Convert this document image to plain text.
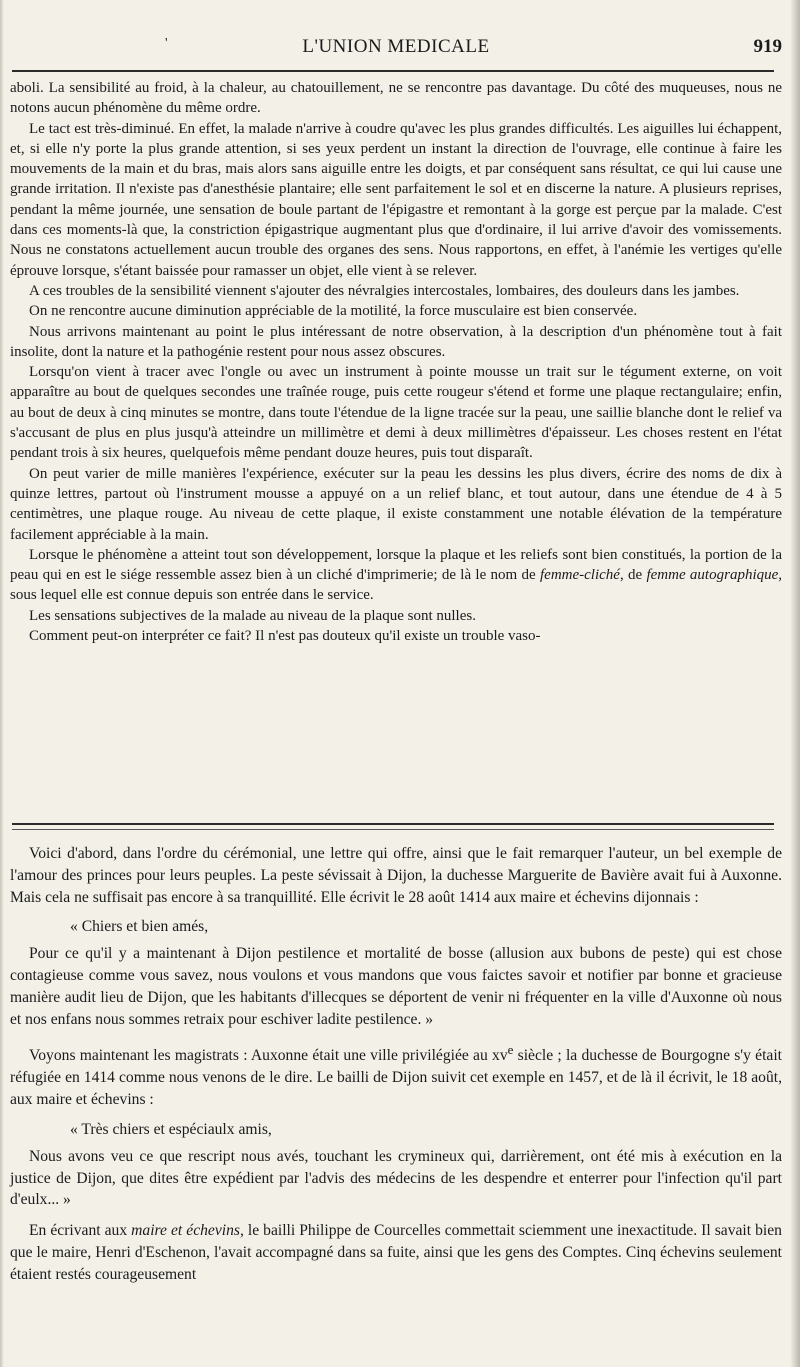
'	L'UNION MEDICALE	919

aboli. La sensibilité au froid, à la chaleur, au chatouillement, ne se rencontre pas davantage. Du côté des muqueuses, nous ne notons aucun phénomène du même ordre.

Le tact est très-diminué. En effet, la malade n'arrive à coudre qu'avec les plus grandes difficultés. Les aiguilles lui échappent, et, si elle n'y porte la plus grande attention, si ses yeux perdent un instant la direction de l'ouvrage, elle continue à faire les mouvements de la main et du bras, mais alors sans aiguille entre les doigts, et par conséquent sans résultat, ce qui lui cause une grande irritation. Il n'existe pas d'anesthésie plantaire; elle sent parfaitement le sol et en discerne la nature. A plusieurs reprises, pendant la même journée, une sensation de boule partant de l'épigastre et remontant à la gorge est perçue par la malade. C'est dans ces moments-là que, la constriction épigastrique augmentant plus que d'ordinaire, il lui arrive d'avoir des vomissements. Nous ne constatons actuellement aucun trouble des organes des sens. Nous rapportons, en effet, à l'anémie les vertiges qu'elle éprouve lorsque, s'étant baissée pour ramasser un objet, elle vient à se relever.

A ces troubles de la sensibilité viennent s'ajouter des névralgies intercostales, lombaires, des douleurs dans les jambes.

On ne rencontre aucune diminution appréciable de la motilité, la force musculaire est bien conservée.

Nous arrivons maintenant au point le plus intéressant de notre observation, à la description d'un phénomène tout à fait insolite, dont la nature et la pathogénie restent pour nous assez obscures.

Lorsqu'on vient à tracer avec l'ongle ou avec un instrument à pointe mousse un trait sur le tégument externe, on voit apparaître au bout de quelques secondes une traînée rouge, puis cette rougeur s'étend et forme une plaque rectangulaire; enfin, au bout de deux à cinq minutes se montre, dans toute l'étendue de la ligne tracée sur la peau, une saillie blanche dont le relief va s'accusant de plus en plus jusqu'à atteindre un millimètre et demi à deux millimètres d'épaisseur. Les choses restent en l'état pendant trois à six heures, quelquefois même pendant douze heures, puis tout disparaît.

On peut varier de mille manières l'expérience, exécuter sur la peau les dessins les plus divers, écrire des noms de dix à quinze lettres, partout où l'instrument mousse a appuyé on a un relief blanc, et tout autour, dans une étendue de 4 à 5 centimètres, une plaque rouge. Au niveau de cette plaque, il existe constamment une notable élévation de la température facilement appréciable à la main.

Lorsque le phénomène a atteint tout son développement, lorsque la plaque et les reliefs sont bien constitués, la portion de la peau qui en est le siége ressemble assez bien à un cliché d'imprimerie; de là le nom de femme-cliché, de femme autographique, sous lequel elle est connue depuis son entrée dans le service.

Les sensations subjectives de la malade au niveau de la plaque sont nulles.

Comment peut-on interpréter ce fait? Il n'est pas douteux qu'il existe un trouble vaso-

Voici d'abord, dans l'ordre du cérémonial, une lettre qui offre, ainsi que le fait remarquer l'auteur, un bel exemple de l'amour des princes pour leurs peuples. La peste sévissait à Dijon, la duchesse Marguerite de Bavière avait fui à Auxonne. Mais cela ne suffisait pas encore à sa tranquillité. Elle écrivit le 28 août 1414 aux maire et échevins dijonnais :

« Chiers et bien amés,

Pour ce qu'il y a maintenant à Dijon pestilence et mortalité de bosse (allusion aux bubons de peste) qui est chose contagieuse comme vous savez, nous voulons et vous mandons que vous faictes savoir et notifier par bonne et gracieuse manière audit lieu de Dijon, que les habitants d'illecques se déportent de venir ni fréquenter en la ville d'Auxonne où nous et nos enfans nous sommes retraix pour eschiver ladite pestilence. »

Voyons maintenant les magistrats : Auxonne était une ville privilégiée au $xv^e$ siècle ; la duchesse de Bourgogne s'y était réfugiée en 1414 comme nous venons de le dire. Le bailli de Dijon suivit cet exemple en 1457, et de là il écrivit, le 18 août, aux maire et échevins :

« Très chiers et espéciaulx amis,

Nous avons veu ce que rescript nous avés, touchant les crymineux qui, darrièrement, ont été mis à exécution en la justice de Dijon, que dites être expédient par l'advis des médecins de les despendre et enterrer pour l'infection qu'il part d'eulx... »

En écrivant aux maire et échevins, le bailli Philippe de Courcelles commettait sciemment une inexactitude. Il savait bien que le maire, Henri d'Eschenon, l'avait accompagné dans sa fuite, ainsi que les gens des Comptes. Cinq échevins seulement étaient restés courageusement
